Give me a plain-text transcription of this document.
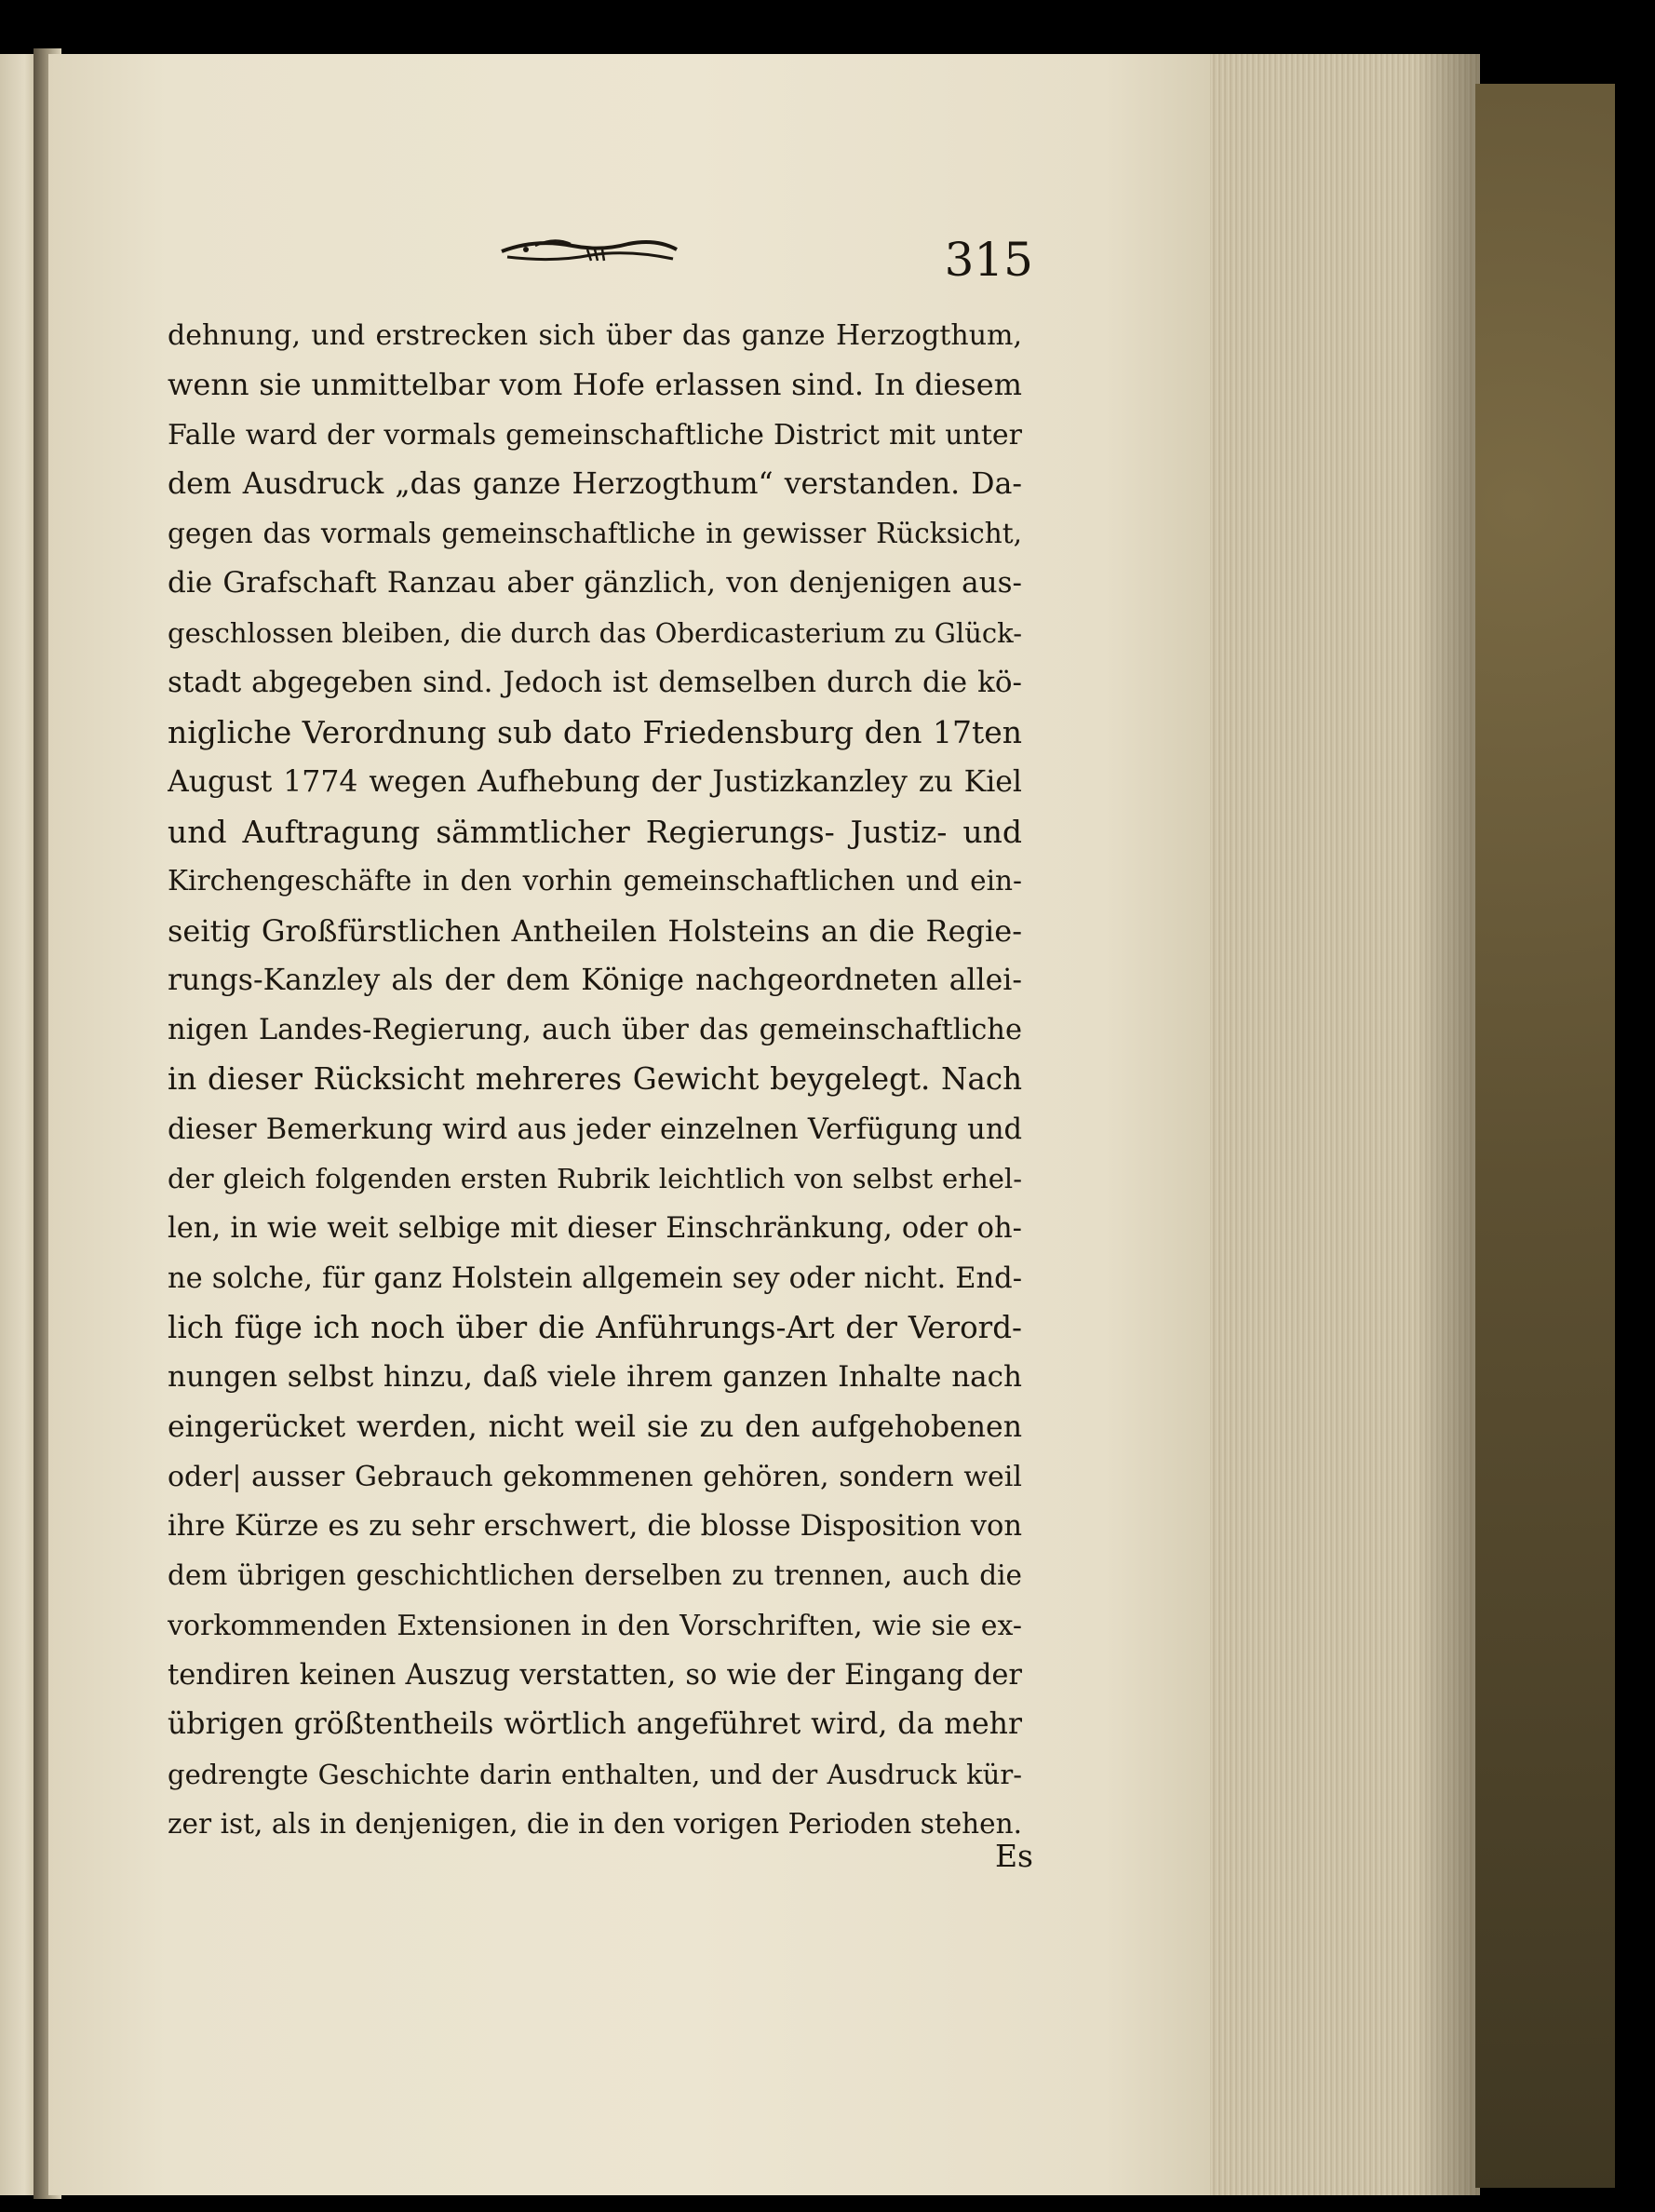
315
dehnung, und erstrecken sich über das ganze Herzogthum,
wenn sie unmittelbar vom Hofe erlassen sind. In diesem
Falle ward der vormals gemeinschaftliche District mit unter
dem Ausdruck „das ganze Herzogthum“ verstanden. Da-
gegen das vormals gemeinschaftliche in gewisser Rücksicht,
die Grafschaft Ranzau aber gänzlich, von denjenigen aus-
geschlossen bleiben, die durch das Oberdicasterium zu Glück-
stadt abgegeben sind. Jedoch ist demselben durch die kö-
nigliche Verordnung sub dato Friedensburg den 17ten
August 1774 wegen Aufhebung der Justizkanzley zu Kiel
und Auftragung sämmtlicher Regierungs- Justiz- und
Kirchengeschäfte in den vorhin gemeinschaftlichen und ein-
seitig Großfürstlichen Antheilen Holsteins an die Regie-
rungs-Kanzley als der dem Könige nachgeordneten allei-
nigen Landes-Regierung, auch über das gemeinschaftliche
in dieser Rücksicht mehreres Gewicht beygelegt. Nach
dieser Bemerkung wird aus jeder einzelnen Verfügung und
der gleich folgenden ersten Rubrik leichtlich von selbst erhel-
len, in wie weit selbige mit dieser Einschränkung, oder oh-
ne solche, für ganz Holstein allgemein sey oder nicht. End-
lich füge ich noch über die Anführungs-Art der Verord-
nungen selbst hinzu, daß viele ihrem ganzen Inhalte nach
eingerücket werden, nicht weil sie zu den aufgehobenen
oder| ausser Gebrauch gekommenen gehören, sondern weil
ihre Kürze es zu sehr erschwert, die blosse Disposition von
dem übrigen geschichtlichen derselben zu trennen, auch die
vorkommenden Extensionen in den Vorschriften, wie sie ex-
tendiren keinen Auszug verstatten, so wie der Eingang der
übrigen größtentheils wörtlich angeführet wird, da mehr
gedrengte Geschichte darin enthalten, und der Ausdruck kür-
zer ist, als in denjenigen, die in den vorigen Perioden stehen.
Es
